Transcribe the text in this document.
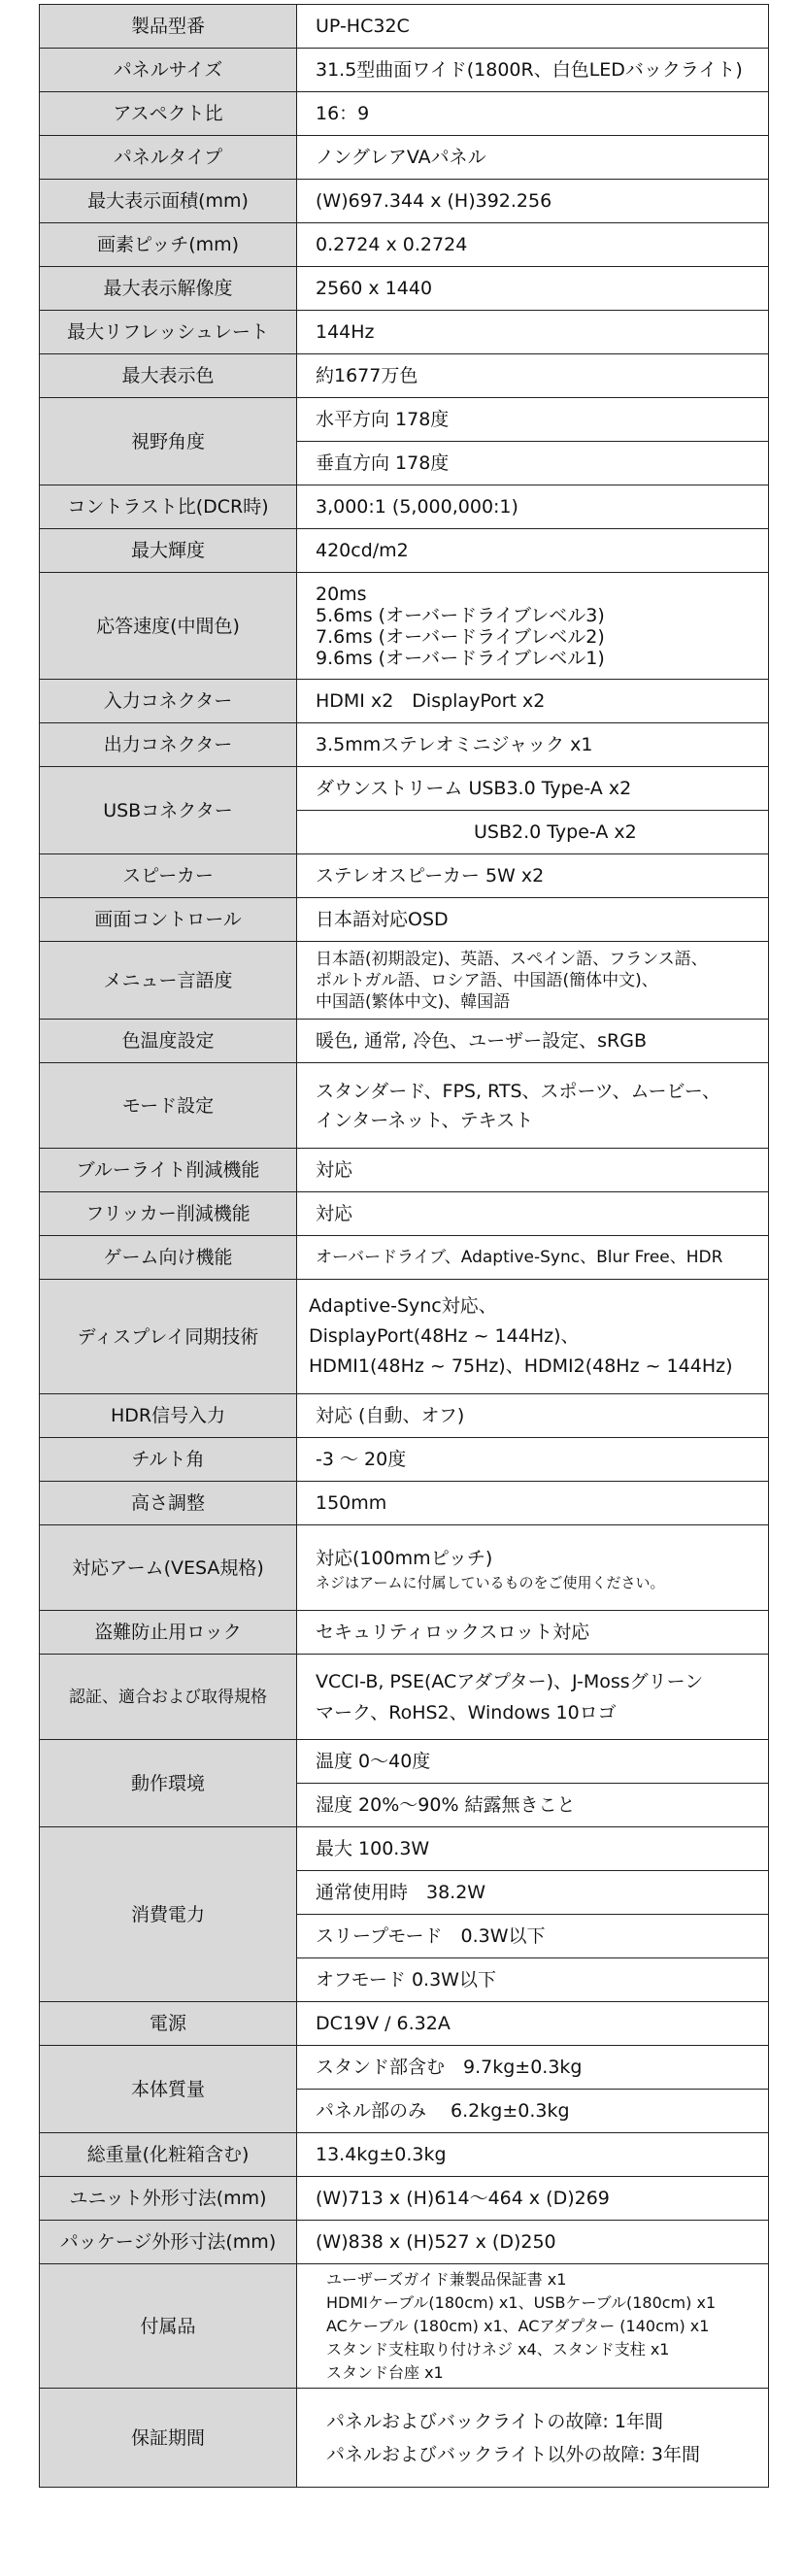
製品型番	UP-HC32C
パネルサイズ	31.5型曲面ワイド(1800R、白色LEDバックライト)
アスペクト比	16：9
パネルタイプ	ノングレアVAパネル
最大表示面積(mm)	(W)697.344 x (H)392.256
画素ピッチ(mm)	0.2724 x 0.2724
最大表示解像度	2560 x 1440
最大リフレッシュレート	144Hz
最大表示色	約1677万色
視野角度	水平方向 178度
	垂直方向 178度
コントラスト比(DCR時)	3,000:1 (5,000,000:1)
最大輝度	420cd/m2
応答速度(中間色)	20ms
5.6ms (オーバードライブレベル3)
7.6ms (オーバードライブレベル2)
9.6ms (オーバードライブレベル1)

入力コネクター	HDMI x2　DisplayPort x2
出力コネクター	3.5mmステレオミニジャック x1
USBコネクター	ダウンストリーム USB3.0 Type-A x2
	USB2.0 Type-A x2
スピーカー	ステレオスピーカー 5W x2
画面コントロール	日本語対応OSD
メニュー言語度	日本語(初期設定)、英語、スペイン語、フランス語、
ポルトガル語、ロシア語、中国語(簡体中文)、
中国語(繁体中文)、韓国語

色温度設定	暖色, 通常, 冷色、ユーザー設定、sRGB
モード設定	スタンダード、FPS, RTS、スポーツ、ムービー、
インターネット、テキスト

ブルーライト削減機能	対応
フリッカー削減機能	対応
ゲーム向け機能	オーバードライブ、Adaptive-Sync、Blur Free、HDR
ディスプレイ同期技術	Adaptive-Sync対応、
DisplayPort(48Hz ~ 144Hz)、
HDMI1(48Hz ~ 75Hz)、HDMI2(48Hz ~ 144Hz)

HDR信号入力	対応 (自動、オフ)
チルト角	-3 ～ 20度
高さ調整	150mm
対応アーム(VESA規格)	対応(100mmピッチ)
ネジはアームに付属しているものをご使用ください。

盗難防止用ロック	セキュリティロックスロット対応
認証、適合および取得規格	VCCI-B, PSE(ACアダプター)、J-Mossグリーン
マーク、RoHS2、Windows 10ロゴ

動作環境	温度 0～40度
	湿度 20%～90% 結露無きこと
消費電力	最大 100.3W
	通常使用時　38.2W
	スリープモード　0.3W以下
	オフモード 0.3W以下
電源	DC19V / 6.32A
本体質量	スタンド部含む　9.7kg±0.3kg
	パネル部のみ　 6.2kg±0.3kg
総重量(化粧箱含む)	13.4kg±0.3kg
ユニット外形寸法(mm)	(W)713 x (H)614～464 x (D)269
パッケージ外形寸法(mm)	(W)838 x (H)527 x (D)250
付属品	ユーザーズガイド兼製品保証書 x1
HDMIケーブル(180cm) x1、USBケーブル(180cm) x1
ACケーブル (180cm) x1、ACアダプター (140cm) x1
スタンド支柱取り付けネジ x4、スタンド支柱 x1
スタンド台座 x1

保証期間	パネルおよびバックライトの故障: 1年間
パネルおよびバックライト以外の故障: 3年間
